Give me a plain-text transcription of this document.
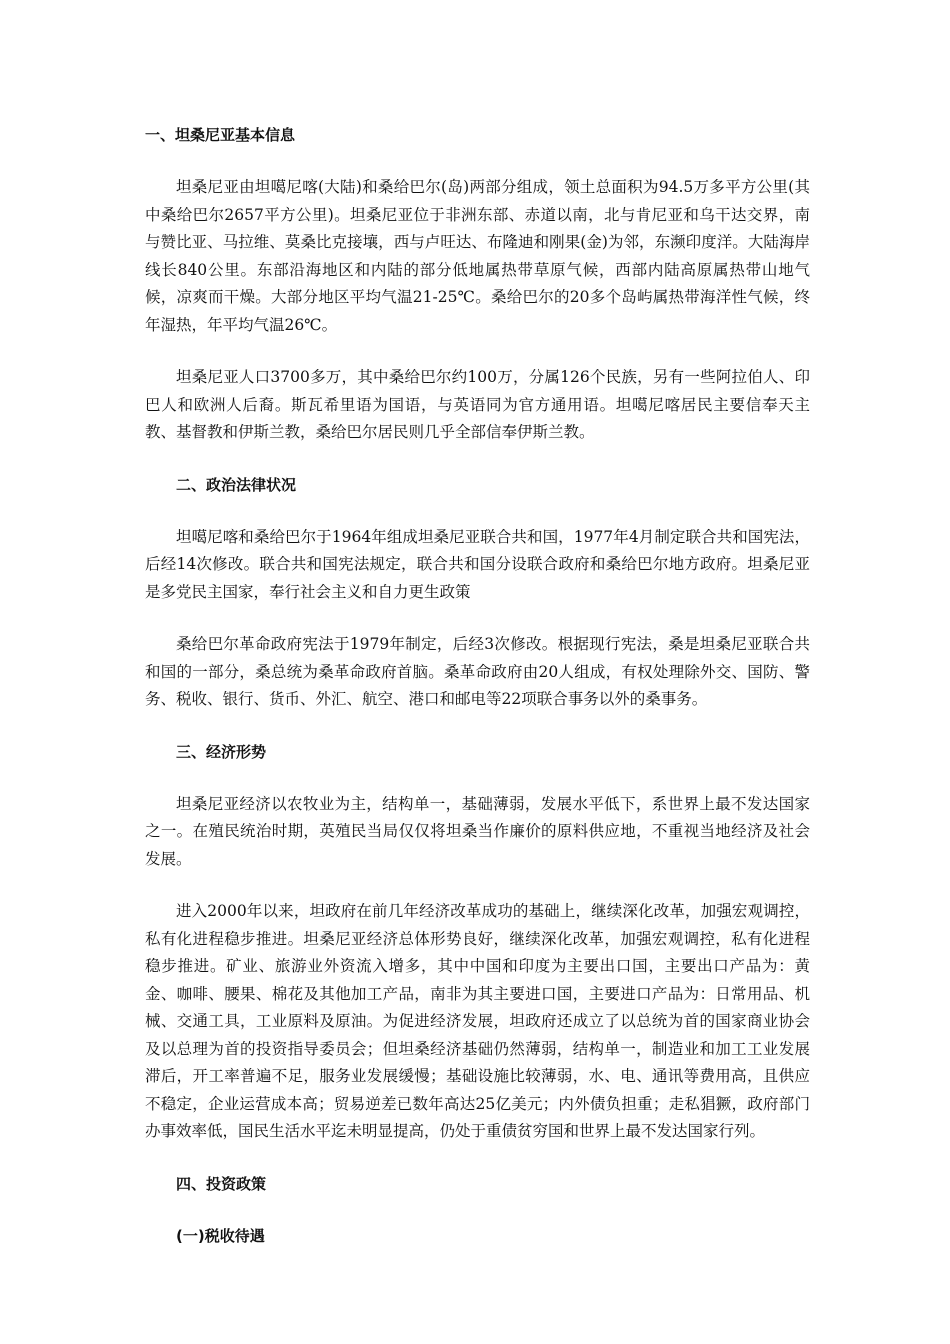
一、坦桑尼亚基本信息

坦桑尼亚由坦噶尼喀(大陆)和桑给巴尔(岛)两部分组成，领土总面积为94.5万多平方公里(其中桑给巴尔2657平方公里)。坦桑尼亚位于非洲东部、赤道以南，北与肯尼亚和乌干达交界，南与赞比亚、马拉维、莫桑比克接壤，西与卢旺达、布隆迪和刚果(金)为邻，东濒印度洋。大陆海岸线长840公里。东部沿海地区和内陆的部分低地属热带草原气候，西部内陆高原属热带山地气候，凉爽而干燥。大部分地区平均气温21-25℃。桑给巴尔的20多个岛屿属热带海洋性气候，终年湿热，年平均气温26℃。

坦桑尼亚人口3700多万，其中桑给巴尔约100万，分属126个民族，另有一些阿拉伯人、印巴人和欧洲人后裔。斯瓦希里语为国语，与英语同为官方通用语。坦噶尼喀居民主要信奉天主教、基督教和伊斯兰教，桑给巴尔居民则几乎全部信奉伊斯兰教。

二、政治法律状况

坦噶尼喀和桑给巴尔于1964年组成坦桑尼亚联合共和国，1977年4月制定联合共和国宪法，后经14次修改。联合共和国宪法规定，联合共和国分设联合政府和桑给巴尔地方政府。坦桑尼亚是多党民主国家，奉行社会主义和自力更生政策

桑给巴尔革命政府宪法于1979年制定，后经3次修改。根据现行宪法，桑是坦桑尼亚联合共和国的一部分，桑总统为桑革命政府首脑。桑革命政府由20人组成，有权处理除外交、国防、警务、税收、银行、货币、外汇、航空、港口和邮电等22项联合事务以外的桑事务。

三、经济形势

坦桑尼亚经济以农牧业为主，结构单一，基础薄弱，发展水平低下，系世界上最不发达国家之一。在殖民统治时期，英殖民当局仅仅将坦桑当作廉价的原料供应地，不重视当地经济及社会发展。

进入2000年以来，坦政府在前几年经济改革成功的基础上，继续深化改革，加强宏观调控，私有化进程稳步推进。坦桑尼亚经济总体形势良好，继续深化改革，加强宏观调控，私有化进程稳步推进。矿业、旅游业外资流入增多，其中中国和印度为主要出口国，主要出口产品为：黄金、咖啡、腰果、棉花及其他加工产品，南非为其主要进口国，主要进口产品为：日常用品、机械、交通工具，工业原料及原油。为促进经济发展，坦政府还成立了以总统为首的国家商业协会及以总理为首的投资指导委员会；但坦桑经济基础仍然薄弱，结构单一，制造业和加工工业发展滞后，开工率普遍不足，服务业发展缓慢；基础设施比较薄弱，水、电、通讯等费用高，且供应不稳定，企业运营成本高；贸易逆差已数年高达25亿美元；内外债负担重；走私猖獗，政府部门办事效率低，国民生活水平迄未明显提高，仍处于重债贫穷国和世界上最不发达国家行列。

四、投资政策
(一)税收待遇
